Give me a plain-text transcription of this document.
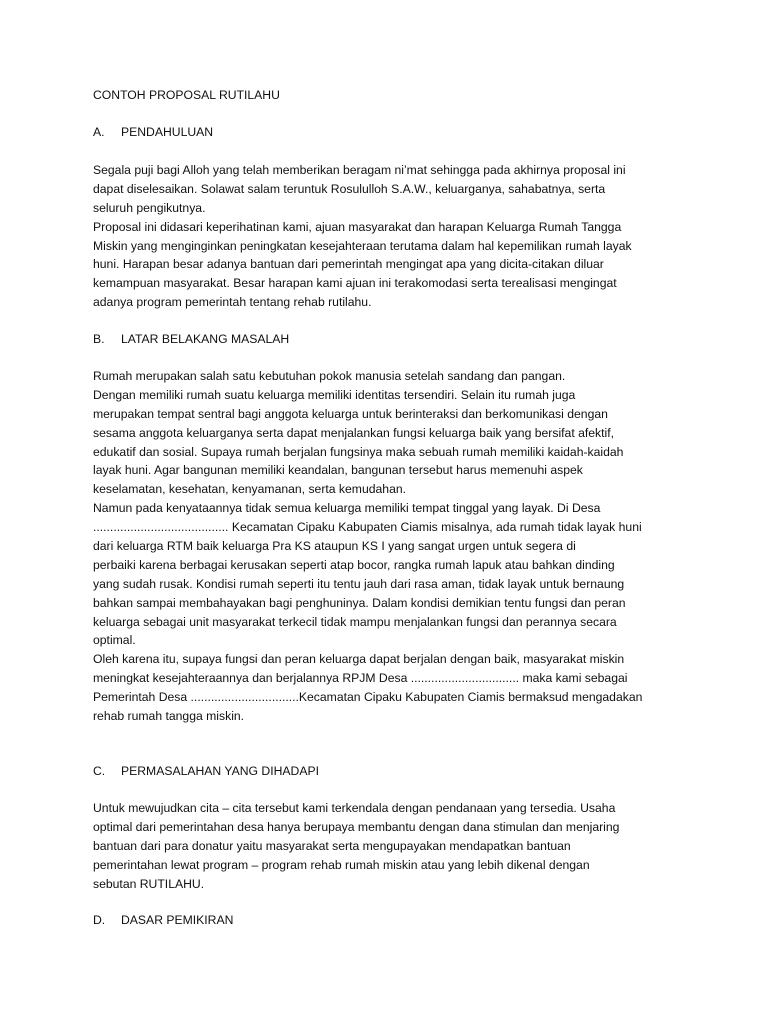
CONTOH PROPOSAL RUTILAHU
A. PENDAHULUAN
Segala puji bagi Alloh yang telah memberikan beragam ni’mat sehingga pada akhirnya proposal ini
dapat diselesaikan. Solawat salam teruntuk Rosululloh S.A.W., keluarganya, sahabatnya, serta
seluruh pengikutnya.
Proposal ini didasari keperihatinan kami, ajuan masyarakat dan harapan Keluarga Rumah Tangga
Miskin yang menginginkan peningkatan kesejahteraan terutama dalam hal kepemilikan rumah layak
huni. Harapan besar adanya bantuan dari pemerintah mengingat apa yang dicita-citakan diluar
kemampuan masyarakat. Besar harapan kami ajuan ini terakomodasi serta terealisasi mengingat
adanya program pemerintah tentang rehab rutilahu.
B. LATAR BELAKANG MASALAH
Rumah merupakan salah satu kebutuhan pokok manusia setelah sandang dan pangan.
Dengan memiliki rumah suatu keluarga memiliki identitas tersendiri. Selain itu rumah juga
merupakan tempat sentral bagi anggota keluarga untuk berinteraksi dan berkomunikasi dengan
sesama anggota keluarganya serta dapat menjalankan fungsi keluarga baik yang bersifat afektif,
edukatif dan sosial. Supaya rumah berjalan fungsinya maka sebuah rumah memiliki kaidah-kaidah
layak huni. Agar bangunan memiliki keandalan, bangunan tersebut harus memenuhi aspek
keselamatan, kesehatan, kenyamanan, serta kemudahan.
Namun pada kenyataannya tidak semua keluarga memiliki tempat tinggal yang layak. Di Desa
........................................ Kecamatan Cipaku Kabupaten Ciamis misalnya, ada rumah tidak layak huni
dari keluarga RTM baik keluarga Pra KS ataupun KS I yang sangat urgen untuk segera di
perbaiki karena berbagai kerusakan seperti atap bocor, rangka rumah lapuk atau bahkan dinding
yang sudah rusak. Kondisi rumah seperti itu tentu jauh dari rasa aman, tidak layak untuk bernaung
bahkan sampai membahayakan bagi penghuninya. Dalam kondisi demikian tentu fungsi dan peran
keluarga sebagai unit masyarakat terkecil tidak mampu menjalankan fungsi dan perannya secara
optimal.
Oleh karena itu, supaya fungsi dan peran keluarga dapat berjalan dengan baik, masyarakat miskin
meningkat kesejahteraannya dan berjalannya RPJM Desa ................................ maka kami sebagai
Pemerintah Desa ................................Kecamatan Cipaku Kabupaten Ciamis bermaksud mengadakan
rehab rumah tangga miskin.
C. PERMASALAHAN YANG DIHADAPI
Untuk mewujudkan cita – cita tersebut kami terkendala dengan pendanaan yang tersedia. Usaha
optimal dari pemerintahan desa hanya berupaya membantu dengan dana stimulan dan menjaring
bantuan dari para donatur yaitu masyarakat serta mengupayakan mendapatkan bantuan
pemerintahan lewat program – program rehab rumah miskin atau yang lebih dikenal dengan
sebutan RUTILAHU.
D. DASAR PEMIKIRAN
